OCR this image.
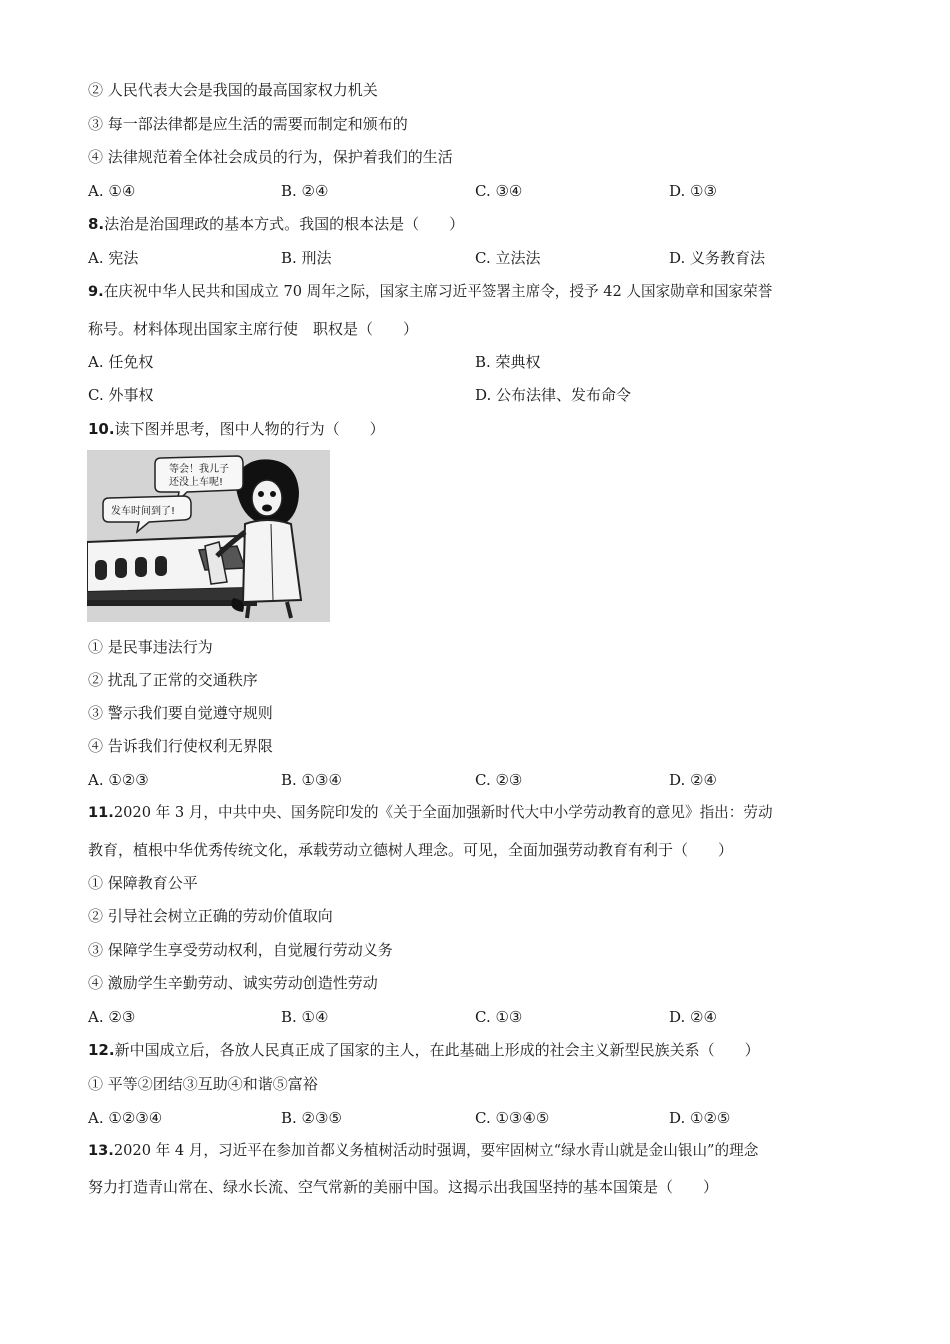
② 人民代表大会是我国的最高国家权力机关
③ 每一部法律都是应生活的需要而制定和颁布的
④ 法律规范着全体社会成员的行为，保护着我们的生活
A. ①④	B. ②④	C. ③④	D. ①③
8.法治是治国理政的基本方式。我国的根本法是（　　）
A. 宪法	B. 刑法	C. 立法法	D. 义务教育法
9.在庆祝中华人民共和国成立 70 周年之际，国家主席习近平签署主席令，授予 42 人国家勋章和国家荣誉
称号。材料体现出国家主席行使　职权是（　　）
A. 任免权	B. 荣典权
C. 外事权	D. 公布法律、发布命令
10.读下图并思考，图中人物的行为（　　）
等会！我儿子
还没上车呢!
发车时间到了!
① 是民事违法行为
② 扰乱了正常的交通秩序
③ 警示我们要自觉遵守规则
④ 告诉我们行使权利无界限
A. ①②③	B. ①③④	C. ②③	D. ②④
11.2020 年 3 月，中共中央、国务院印发的《关于全面加强新时代大中小学劳动教育的意见》指出：劳动
教育，植根中华优秀传统文化，承载劳动立德树人理念。可见，全面加强劳动教育有利于（　　）
① 保障教育公平
② 引导社会树立正确的劳动价值取向
③ 保障学生享受劳动权利，自觉履行劳动义务
④ 激励学生辛勤劳动、诚实劳动创造性劳动
A. ②③	B. ①④	C. ①③	D. ②④
12.新中国成立后，各放人民真正成了国家的主人，在此基础上形成的社会主义新型民族关系（　　）
① 平等②团结③互助④和谐⑤富裕
A. ①②③④	B. ②③⑤	C. ①③④⑤	D. ①②⑤
13.2020 年 4 月，习近平在参加首都义务植树活动时强调，要牢固树立“绿水青山就是金山银山”的理念
努力打造青山常在、绿水长流、空气常新的美丽中国。这揭示出我国坚持的基本国策是（　　）
